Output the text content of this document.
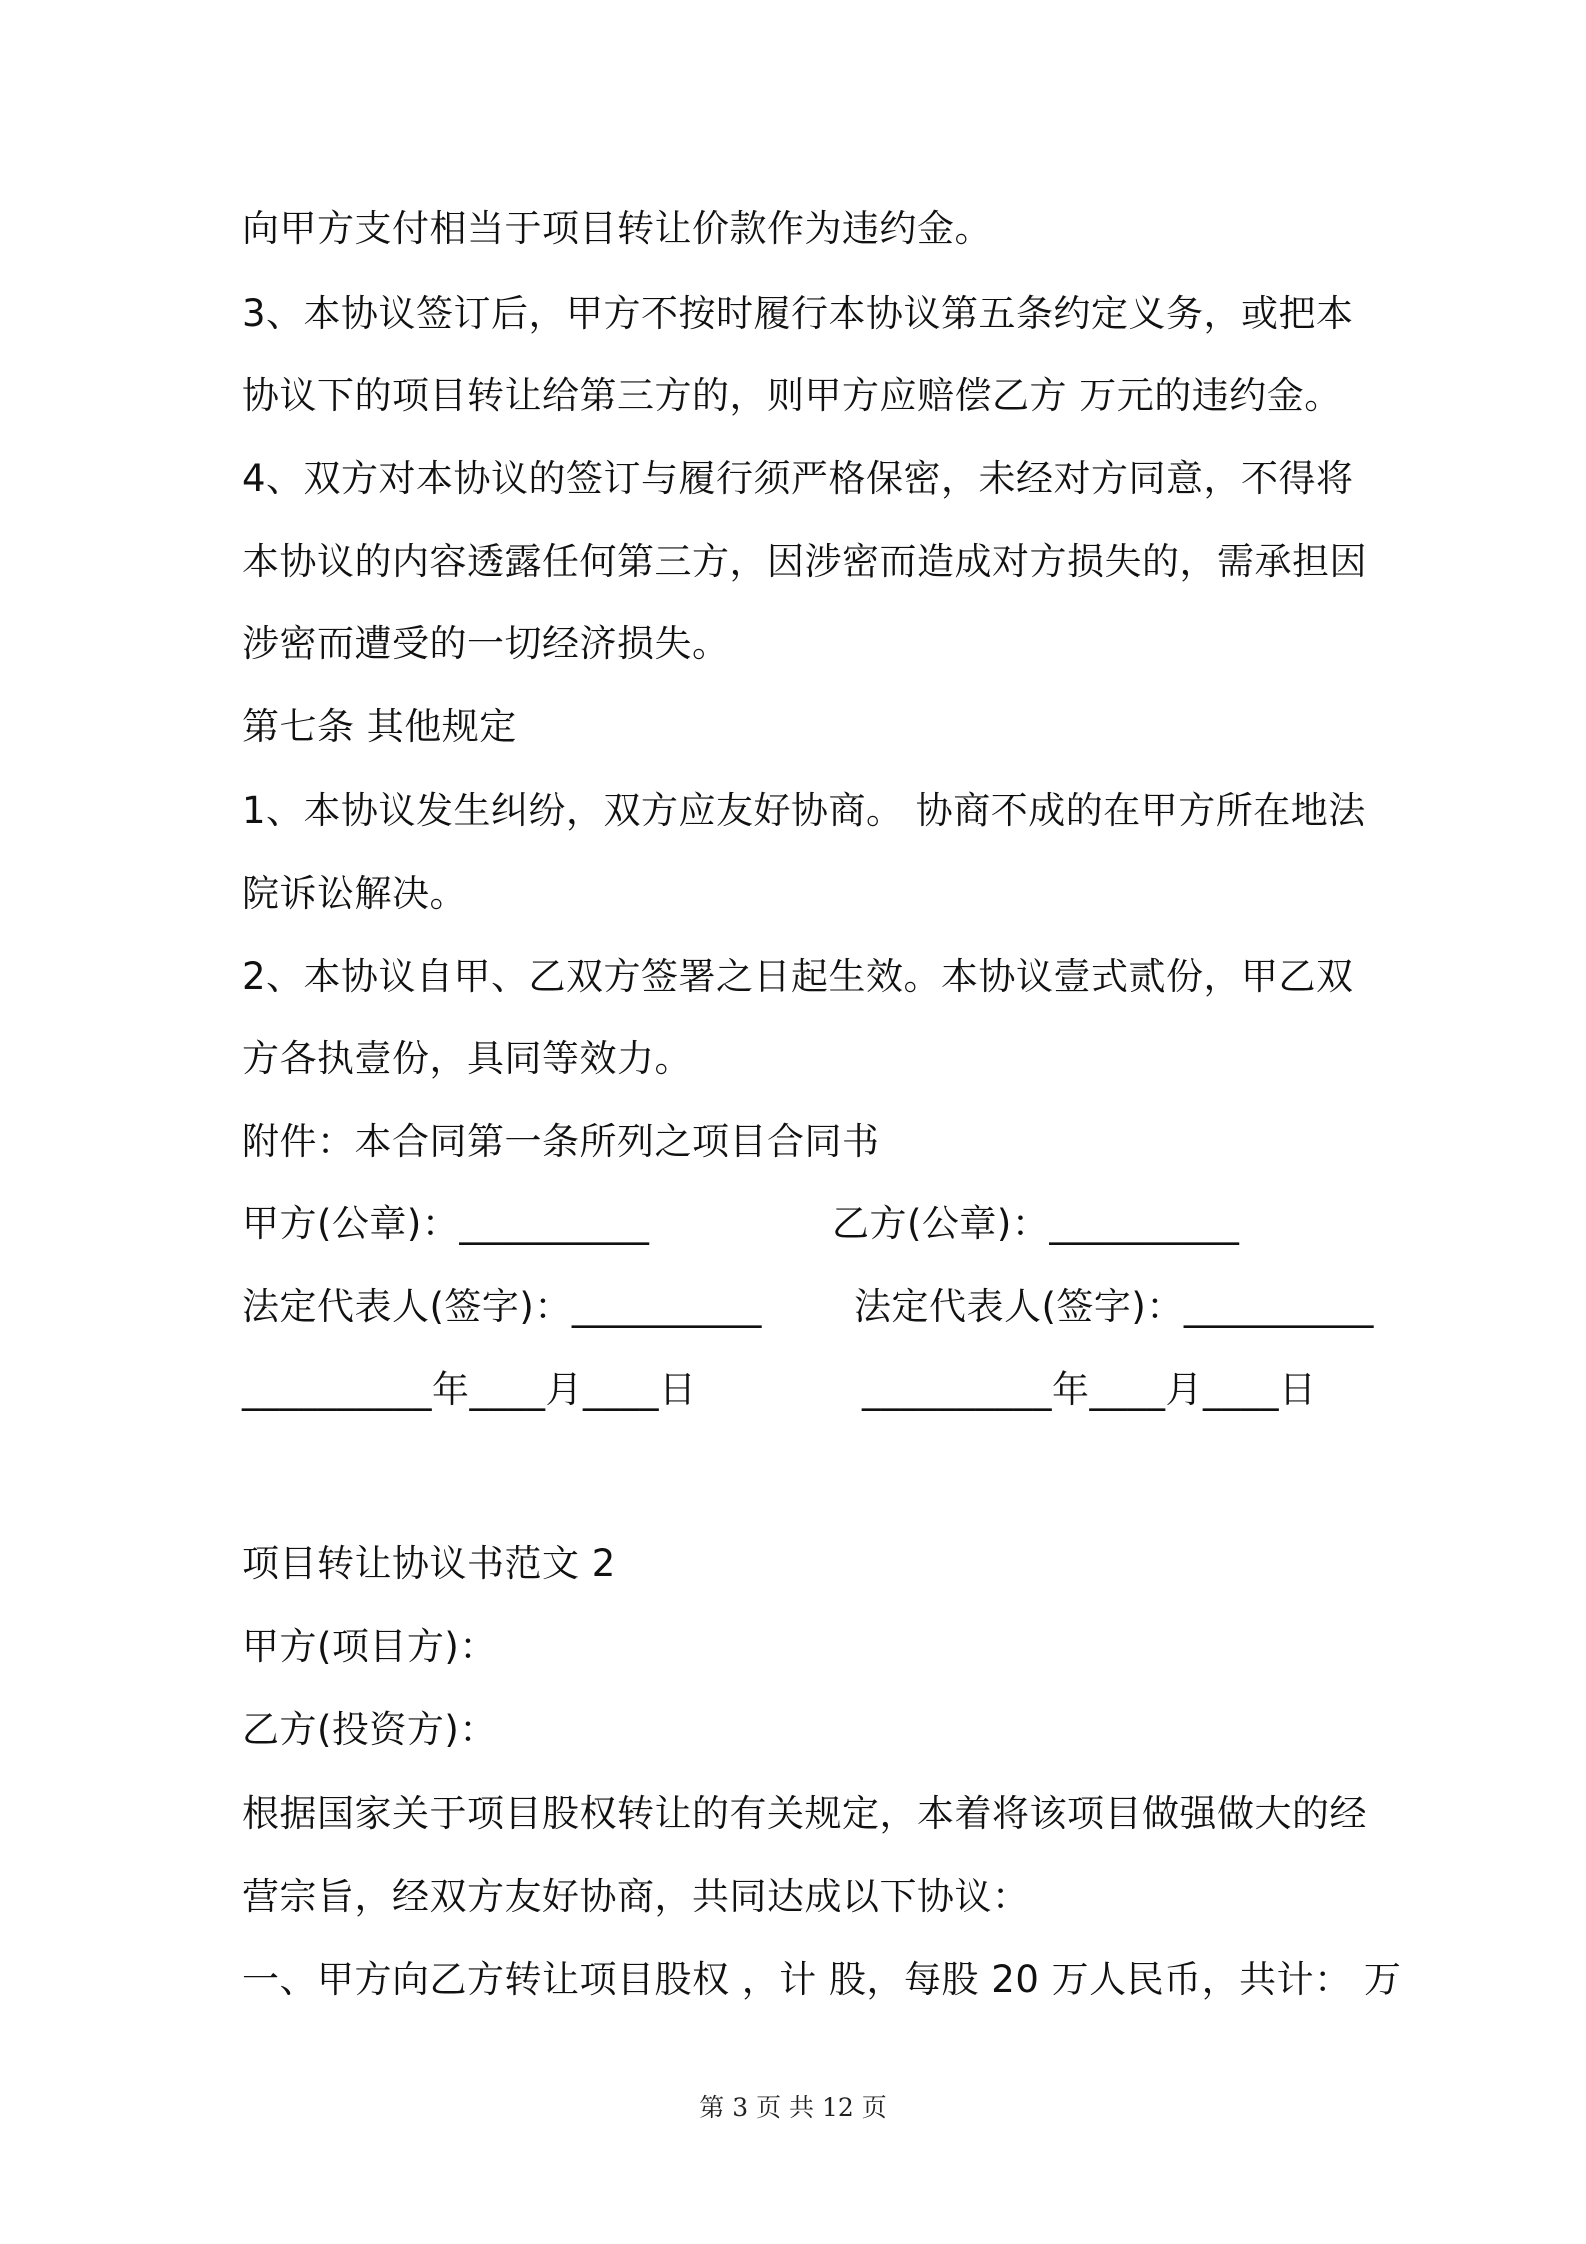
向甲方支付相当于项目转让价款作为违约金。
3、本协议签订后，甲方不按时履行本协议第五条约定义务，或把本
协议下的项目转让给第三方的，则甲方应赔偿乙方 万元的违约金。
4、双方对本协议的签订与履行须严格保密，未经对方同意，不得将
本协议的内容透露任何第三方，因涉密而造成对方损失的，需承担因
涉密而遭受的一切经济损失。
第七条 其他规定
1、本协议发生纠纷，双方应友好协商。 协商不成的在甲方所在地法
院诉讼解决。
2、本协议自甲、乙双方签署之日起生效。本协议壹式贰份，甲乙双
方各执壹份，具同等效力。
附件：本合同第一条所列之项目合同书
甲方(公章)：__________	乙方(公章)：__________
法定代表人(签字)：__________ 法定代表人(签字)：__________
__________年____月____日	__________年____月____日
项目转让协议书范文 2
甲方(项目方)：
乙方(投资方)：
根据国家关于项目股权转让的有关规定，本着将该项目做强做大的经
营宗旨，经双方友好协商，共同达成以下协议：
一、甲方向乙方转让项目股权 ，计 股，每股 20 万人民币，共计： 万
第 3 页 共 12 页
